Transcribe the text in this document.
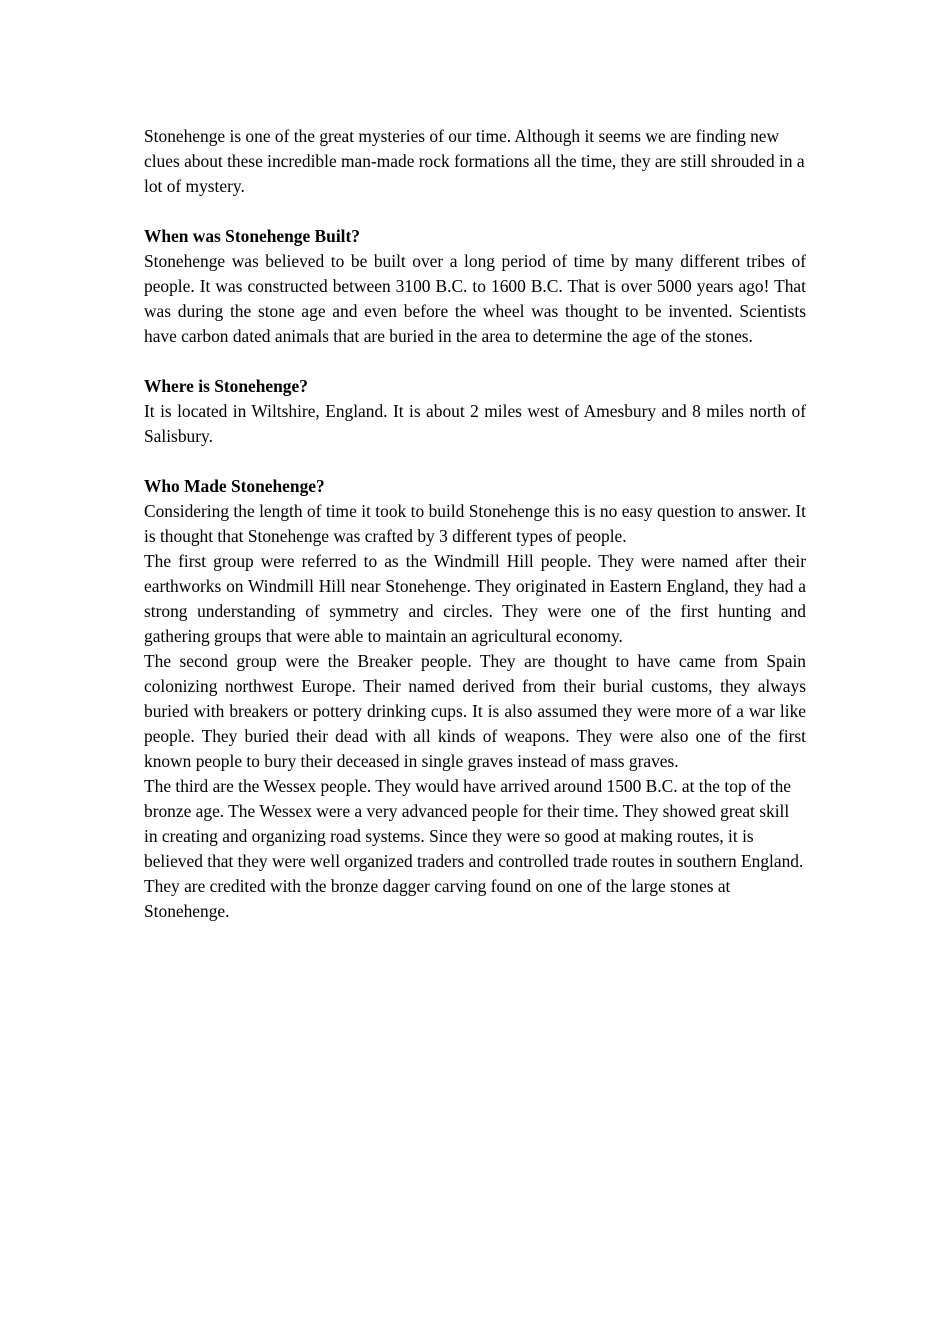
Stonehenge is one of the great mysteries of our time. Although it seems we are finding new clues about these incredible man-made rock formations all the time, they are still shrouded in a lot of mystery.

When was Stonehenge Built?

Stonehenge was believed to be built over a long period of time by many different tribes of people. It was constructed between 3100 B.C. to 1600 B.C. That is over 5000 years ago! That was during the stone age and even before the wheel was thought to be invented. Scientists have carbon dated animals that are buried in the area to determine the age of the stones.

Where is Stonehenge?

It is located in Wiltshire, England. It is about 2 miles west of Amesbury and 8 miles north of Salisbury.

Who Made Stonehenge?

Considering the length of time it took to build Stonehenge this is no easy question to answer. It is thought that Stonehenge was crafted by 3 different types of people.

The first group were referred to as the Windmill Hill people. They were named after their earthworks on Windmill Hill near Stonehenge. They originated in Eastern England, they had a strong understanding of symmetry and circles. They were one of the first hunting and gathering groups that were able to maintain an agricultural economy.

The second group were the Breaker people. They are thought to have came from Spain colonizing northwest Europe. Their named derived from their burial customs, they always buried with breakers or pottery drinking cups. It is also assumed they were more of a war like people. They buried their dead with all kinds of weapons. They were also one of the first known people to bury their deceased in single graves instead of mass graves.

The third are the Wessex people. They would have arrived around 1500 B.C. at the top of the bronze age. The Wessex were a very advanced people for their time. They showed great skill in creating and organizing road systems. Since they were so good at making routes, it is believed that they were well organized traders and controlled trade routes in southern England. They are credited with the bronze dagger carving found on one of the large stones at Stonehenge.
